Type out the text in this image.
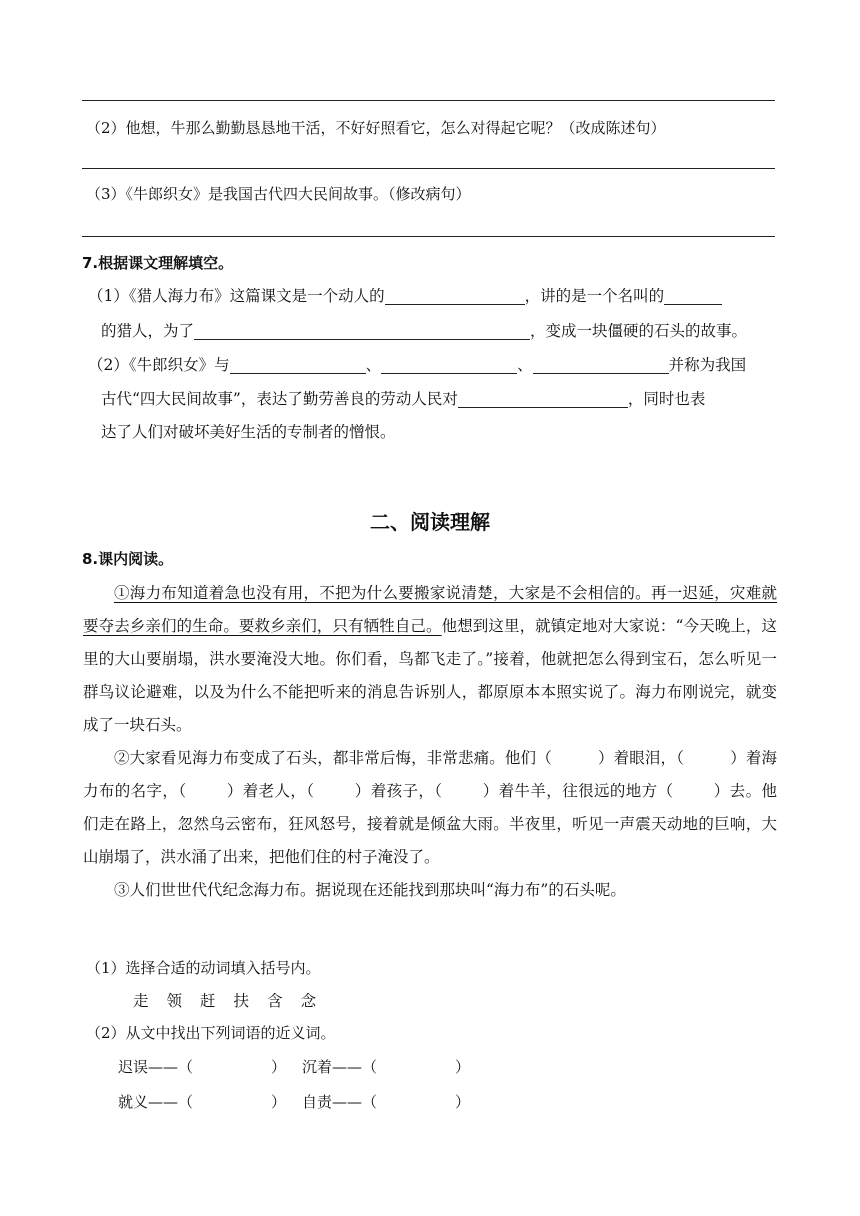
（2）他想，牛那么勤勤恳恳地干活，不好好照看它，怎么对得起它呢？（改成陈述句）
（3）《牛郎织女》是我国古代四大民间故事。（修改病句）
7.根据课文理解填空。
（1）《猎人海力布》这篇课文是一个动人的	，讲的是一个名叫的
的猎人，为了	，变成一块僵硬的石头的故事。
（2）《牛郎织女》与	、	、	并称为我国
古代“四大民间故事”，表达了勤劳善良的劳动人民对	，同时也表
达了人们对破坏美好生活的专制者的憎恨。
二、阅读理解
8.课内阅读。

①海力布知道着急也没有用，不把为什么要搬家说清楚，大家是不会相信的。再一迟延，灾难就要夺去乡亲们的生命。要救乡亲们，只有牺牲自己。他想到这里，就镇定地对大家说：“今天晚上，这里的大山要崩塌，洪水要淹没大地。你们看，鸟都飞走了。”接着，他就把怎么得到宝石，怎么听见一群鸟议论避难，以及为什么不能把听来的消息告诉别人，都原原本本照实说了。海力布刚说完，就变成了一块石头。

②大家看见海力布变成了石头，都非常后悔，非常悲痛。他们（	）着眼泪，（	）着海力布的名字，（	）着老人，（	）着孩子，（	）着牛羊，往很远的地方（	）去。他们走在路上，忽然乌云密布，狂风怒号，接着就是倾盆大雨。半夜里，听见一声震天动地的巨响，大山崩塌了，洪水涌了出来，把他们住的村子淹没了。

③人们世世代代纪念海力布。据说现在还能找到那块叫“海力布”的石头呢。

（1）选择合适的动词填入括号内。
走 领 赶 扶 含 念
（2）从文中找出下列词语的近义词。
迟误——（	） 沉着——（	）
就义——（	） 自责——（	）
